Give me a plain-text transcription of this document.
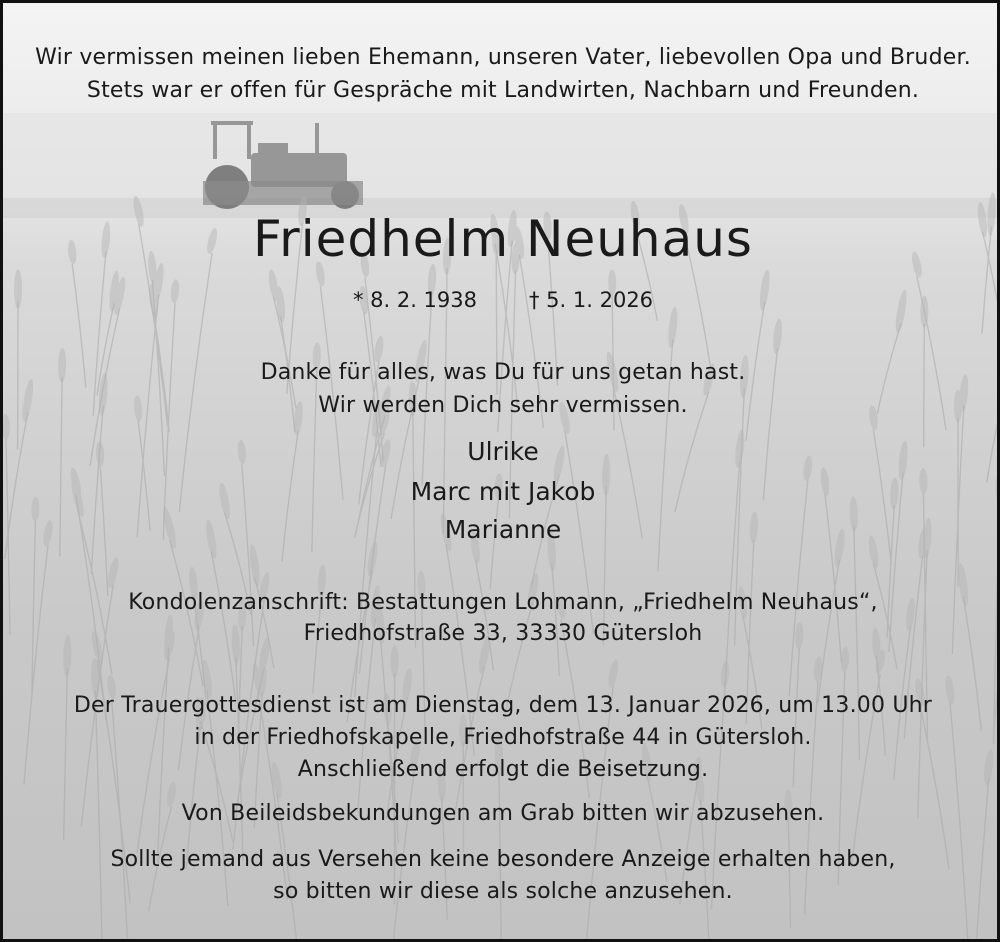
Wir vermissen meinen lieben Ehemann, unseren Vater, liebevollen Opa und Bruder.
Stets war er offen für Gespräche mit Landwirten, Nachbarn und Freunden.
Friedhelm Neuhaus
* 8. 2. 1938 † 5. 1. 2026
Danke für alles, was Du für uns getan hast.
Wir werden Dich sehr vermissen.
Ulrike
Marc mit Jakob
Marianne
Kondolenzanschrift: Bestattungen Lohmann, „Friedhelm Neuhaus“,
Friedhofstraße 33, 33330 Gütersloh
Der Trauergottesdienst ist am Dienstag, dem 13. Januar 2026, um 13.00 Uhr
in der Friedhofskapelle, Friedhofstraße 44 in Gütersloh.
Anschließend erfolgt die Beisetzung.
Von Beileidsbekundungen am Grab bitten wir abzusehen.
Sollte jemand aus Versehen keine besondere Anzeige erhalten haben,
so bitten wir diese als solche anzusehen.
